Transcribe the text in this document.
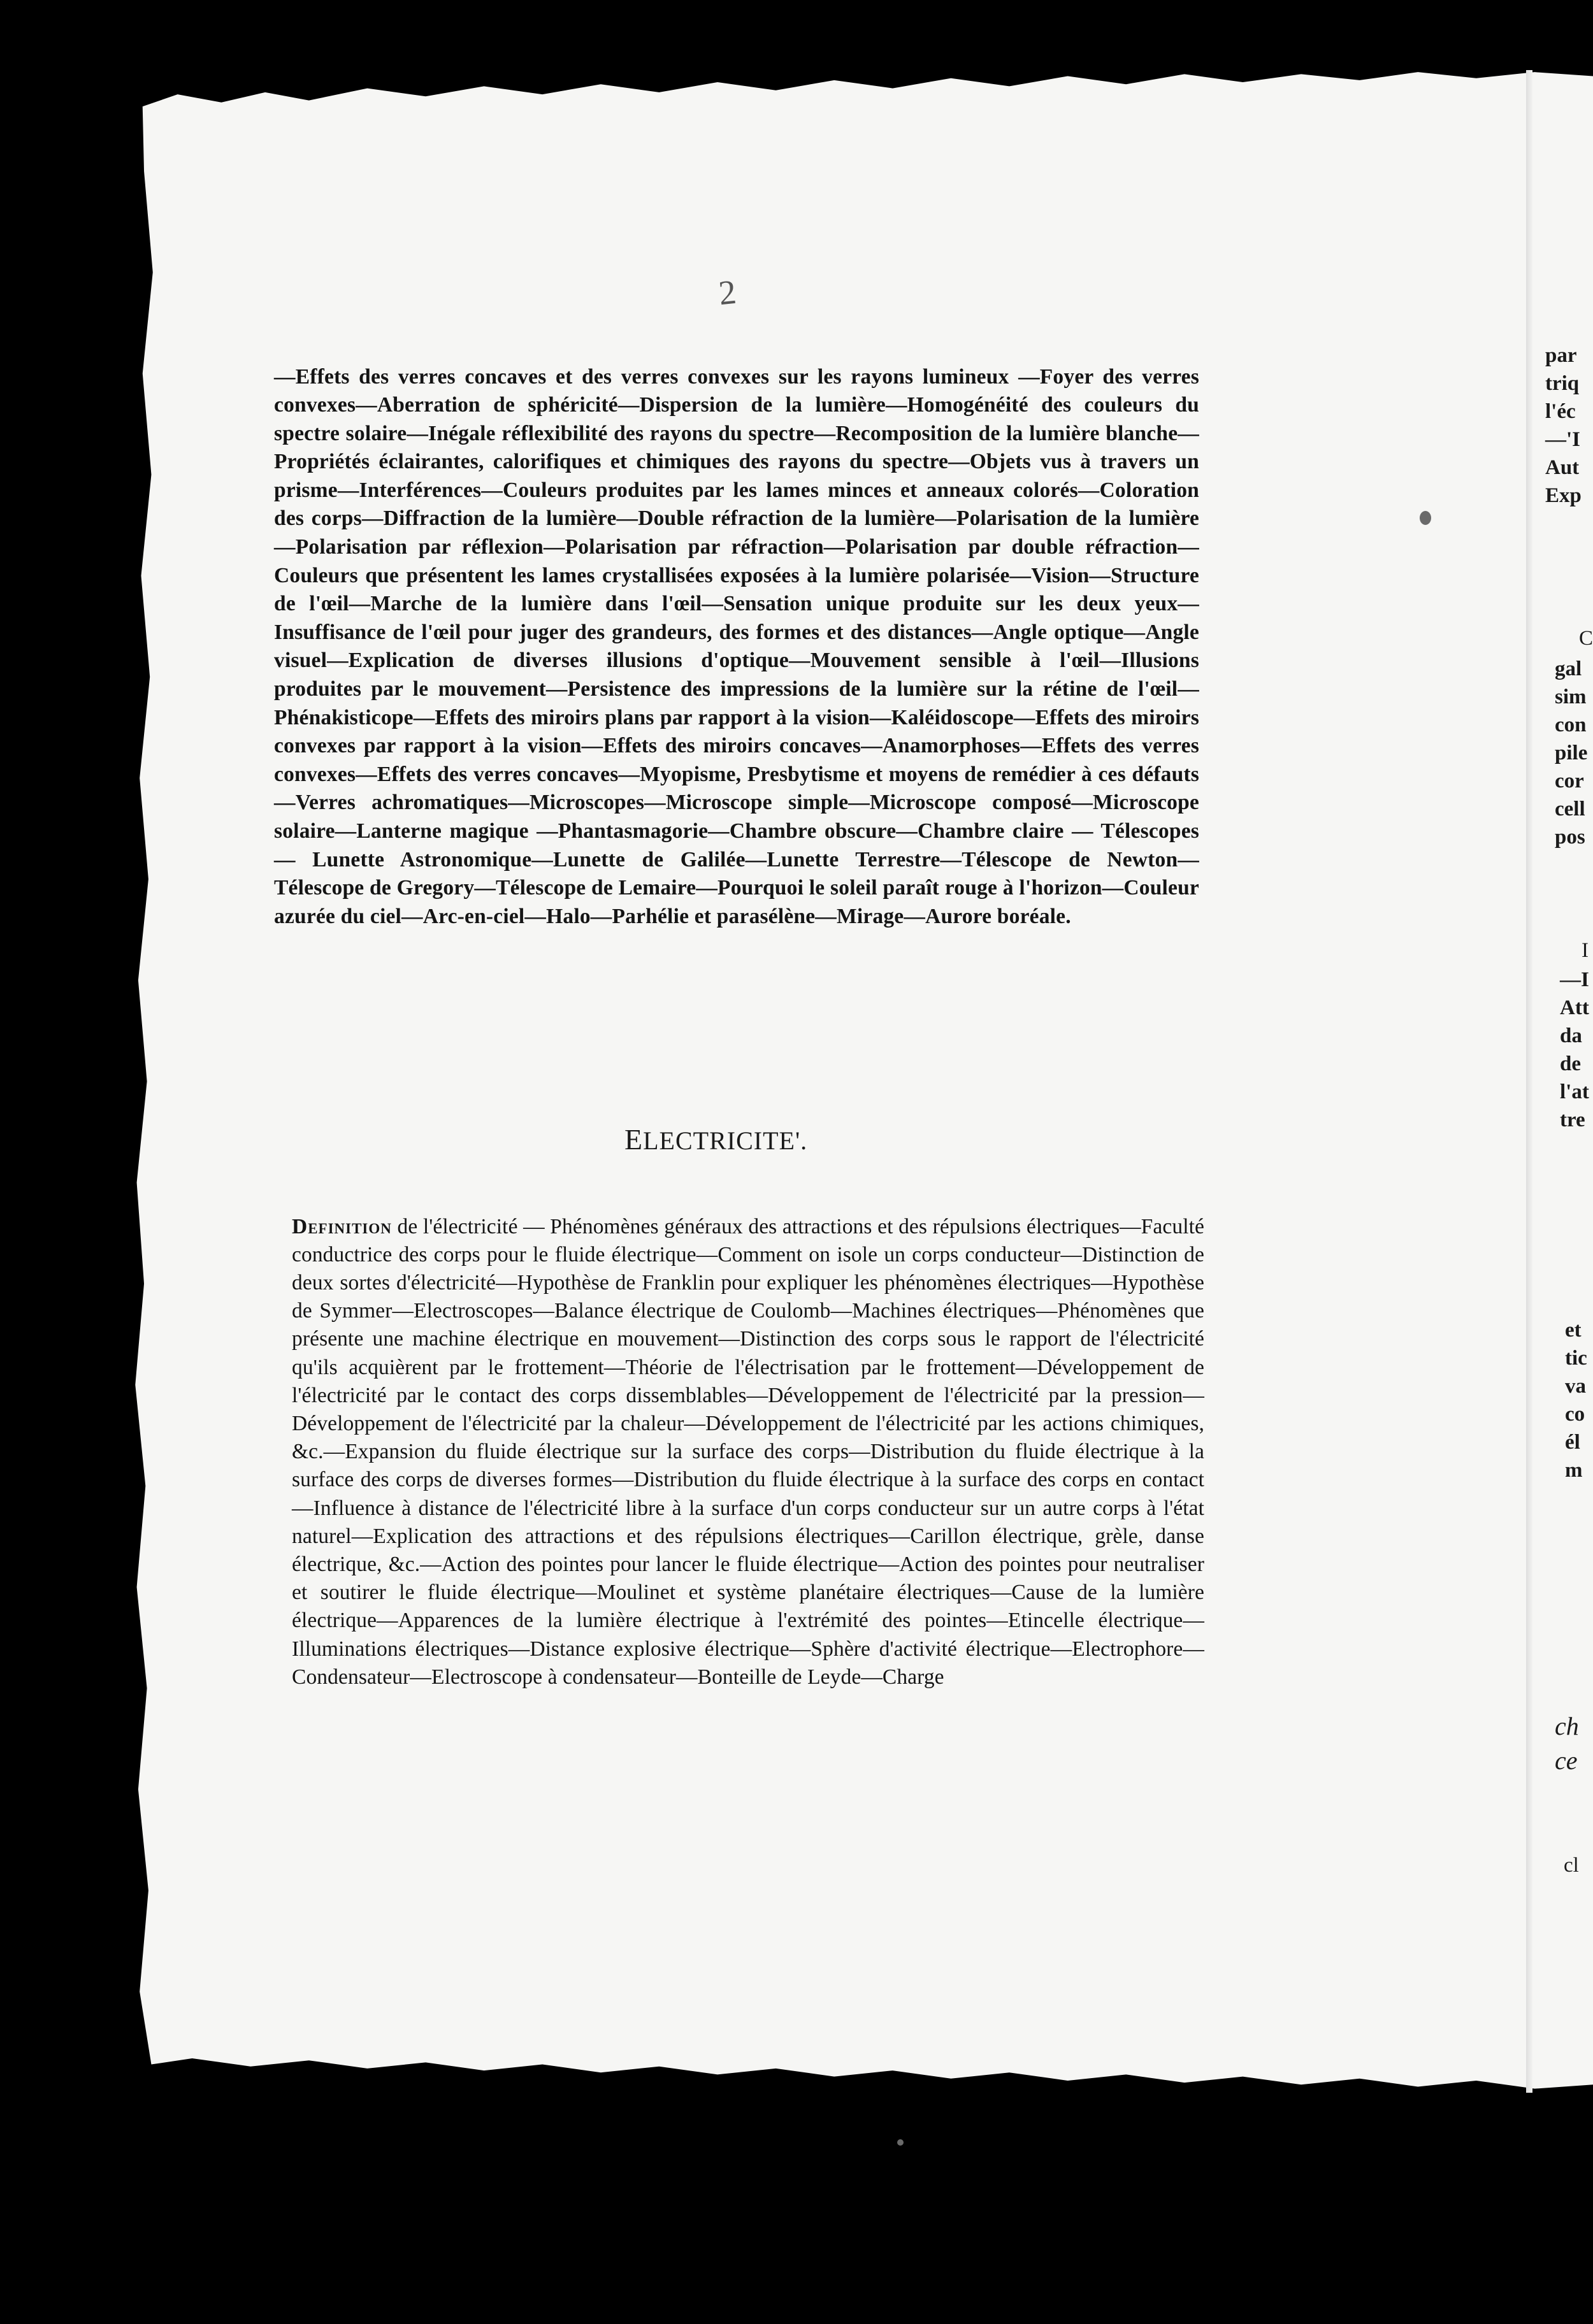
2

—Effets des verres concaves et des verres convexes sur les rayons lumineux —Foyer des verres convexes—Aberration de sphéricité—Dispersion de la lumière—Homogénéité des couleurs du spectre solaire—Inégale réflexibilité des rayons du spectre—Recomposition de la lumière blanche—Propriétés éclairantes, calorifiques et chimiques des rayons du spectre—Objets vus à travers un prisme—Interférences—Couleurs produites par les lames minces et anneaux colorés—Coloration des corps—Diffraction de la lumière—Double réfraction de la lumière—Polarisation de la lumière—Polarisation par réflexion—Polarisation par réfraction—Polarisation par double réfraction—Couleurs que présentent les lames crystallisées exposées à la lumière polarisée—Vision—Structure de l'œil—Marche de la lumière dans l'œil—Sensation unique produite sur les deux yeux—Insuffisance de l'œil pour juger des grandeurs, des formes et des distances—Angle optique—Angle visuel—Explication de diverses illusions d'optique—Mouvement sensible à l'œil—Illusions produites par le mouvement—Persistence des impressions de la lumière sur la rétine de l'œil—Phénakisticope—Effets des miroirs plans par rapport à la vision—Kaléidoscope—Effets des miroirs convexes par rapport à la vision—Effets des miroirs concaves—Anamorphoses—Effets des verres convexes—Effets des verres concaves—Myopisme, Presbytisme et moyens de remédier à ces défauts—Verres achromatiques—Microscopes—Microscope simple—Microscope composé—Microscope solaire—Lanterne magique —Phantasmagorie—Chambre obscure—Chambre claire — Télescopes— Lunette Astronomique—Lunette de Galilée—Lunette Terrestre—Télescope de Newton—Télescope de Gregory—Télescope de Lemaire—Pourquoi le soleil paraît rouge à l'horizon—Couleur azurée du ciel—Arc-en-ciel—Halo—Parhélie et parasélène—Mirage—Aurore boréale.

ELECTRICITE'.

Definition de l'électricité — Phénomènes généraux des attractions et des répulsions électriques—Faculté conductrice des corps pour le fluide électrique—Comment on isole un corps conducteur—Distinction de deux sortes d'électricité—Hypothèse de Franklin pour expliquer les phénomènes électriques—Hypothèse de Symmer—Electroscopes—Balance électrique de Coulomb—Machines électriques—Phénomènes que présente une machine électrique en mouvement—Distinction des corps sous le rapport de l'électricité qu'ils acquièrent par le frottement—Théorie de l'électrisation par le frottement—Développement de l'électricité par le contact des corps dissemblables—Développement de l'électricité par la pression—Développement de l'électricité par la chaleur—Développement de l'électricité par les actions chimiques, &c.—Expansion du fluide électrique sur la surface des corps—Distribution du fluide électrique à la surface des corps de diverses formes—Distribution du fluide électrique à la surface des corps en contact—Influence à distance de l'électricité libre à la surface d'un corps conducteur sur un autre corps à l'état naturel—Explication des attractions et des répulsions électriques—Carillon électrique, grèle, danse électrique, &c.—Action des pointes pour lancer le fluide électrique—Action des pointes pour neutraliser et soutirer le fluide électrique—Moulinet et système planétaire électriques—Cause de la lumière électrique—Apparences de la lumière électrique à l'extrémité des pointes—Etincelle électrique—Illuminations électriques—Distance explosive électrique—Sphère d'activité électrique—Electrophore—Condensateur—Electroscope à condensateur—Bonteille de Leyde—Charge

par
triq
l'éc
—'I
Aut
Exp
C
gal
sim
con
pile
cor
cell
pos
I
—I
Att
da
de
l'at
tre
et
tic
va
co
él
m
ch
ce
cl
